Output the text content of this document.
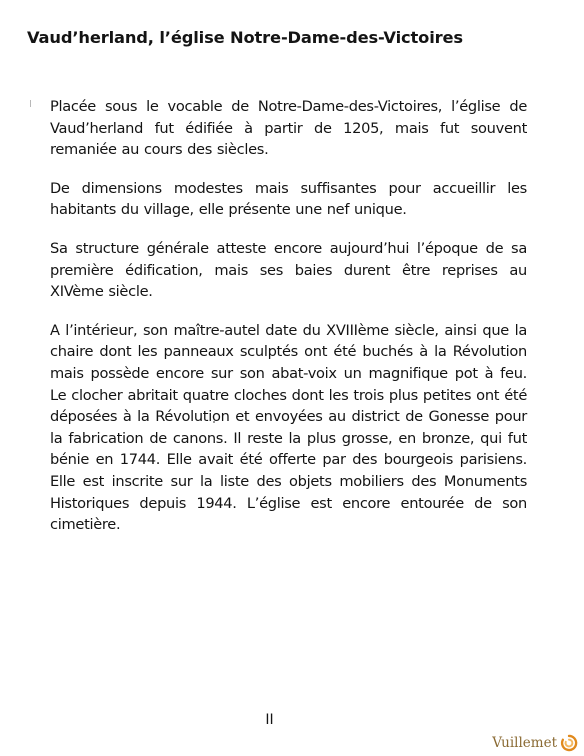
Vaud’herland, l’église Notre-Dame-des-Victoires

Placée sous le vocable de Notre-Dame-des-Victoires, l’église de Vaud’herland fut édifiée à partir de 1205, mais fut souvent remaniée au cours des siècles.

De dimensions modestes mais suffisantes pour accueillir les habitants du village, elle présente une nef unique.

Sa structure générale atteste encore aujourd’hui l’époque de sa première édification, mais ses baies durent être reprises au XIVème siècle.

A l’intérieur, son maître-autel date du XVIIIème siècle, ainsi que la chaire dont les panneaux sculptés ont été buchés à la Révolution mais possède encore sur son abat-voix un magnifique pot à feu. Le clocher abritait quatre cloches dont les trois plus petites ont été déposées à la Révolution et envoyées au district de Gonesse pour la fabrication de canons. Il reste la plus grosse, en bronze, qui fut bénie en 1744. Elle avait été offerte par des bourgeois parisiens. Elle est inscrite sur la liste des objets mobiliers des Monuments Historiques depuis 1944. L’église est encore entourée de son cimetière.

II
Vuillemet
